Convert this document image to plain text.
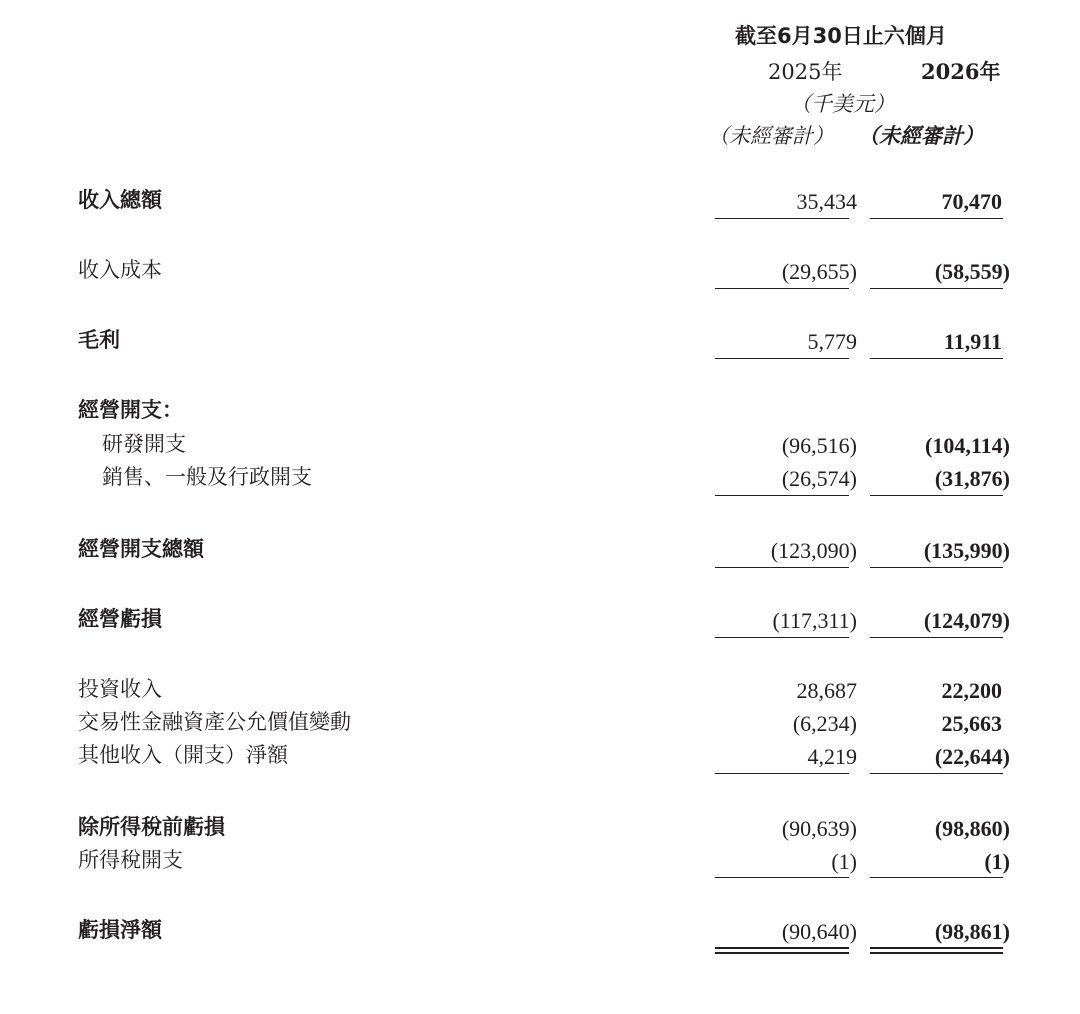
截至6月30日止六個月
2025年	2026年
（千美元）
（未經審計） （未經審計）
收入總額	35,434	70,470
收入成本	(29,655)	(58,559)
毛利	5,779	11,911
經營開支：
研發開支	(96,516)	(104,114)
銷售、一般及行政開支	(26,574)	(31,876)
經營開支總額	(123,090)	(135,990)
經營虧損	(117,311)	(124,079)
投資收入	28,687	22,200
交易性金融資產公允價值變動	(6,234)	25,663
其他收入（開支）淨額	4,219	(22,644)
除所得稅前虧損	(90,639)	(98,860)
所得稅開支	(1)	(1)
虧損淨額	(90,640)	(98,861)
